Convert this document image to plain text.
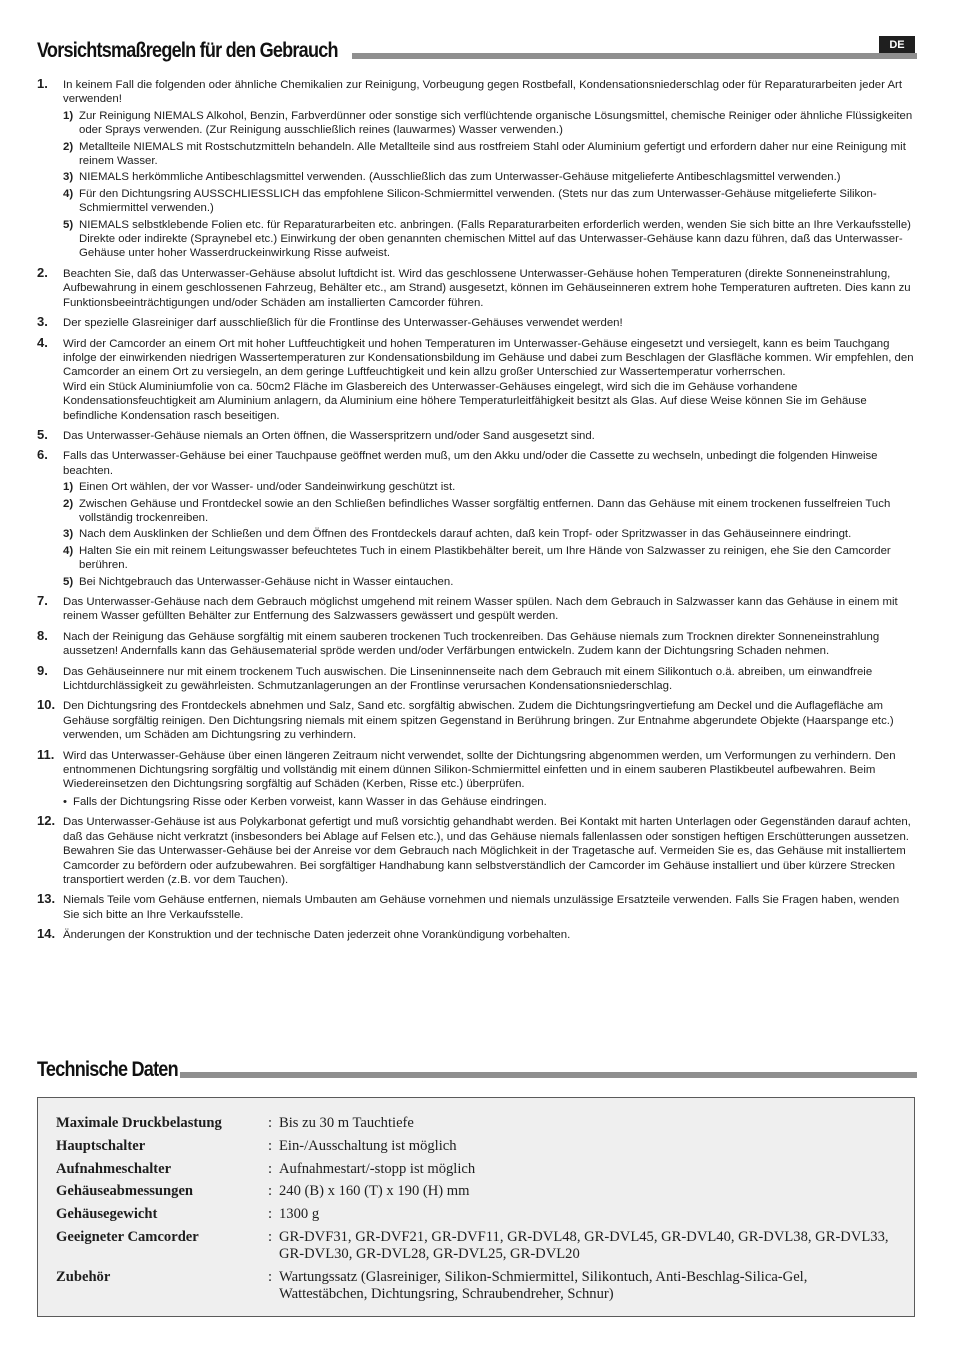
DE
Vorsichtsmaßregeln für den Gebrauch
1. In keinem Fall die folgenden oder ähnliche Chemikalien zur Reinigung, Vorbeugung gegen Rostbefall, Kondensationsniederschlag oder für Reparaturarbeiten jeder Art verwenden!
1) Zur Reinigung NIEMALS Alkohol, Benzin, Farbverdünner oder sonstige sich verflüchtende organische Lösungsmittel, chemische Reiniger oder ähnliche Flüssigkeiten oder Sprays verwenden. (Zur Reinigung ausschließlich reines (lauwarmes) Wasser verwenden.)
2) Metallteile NIEMALS mit Rostschutzmitteln behandeln. Alle Metallteile sind aus rostfreiem Stahl oder Aluminium gefertigt und erfordern daher nur eine Reinigung mit reinem Wasser.
3) NIEMALS herkömmliche Antibeschlagsmittel verwenden. (Ausschließlich das zum Unterwasser-Gehäuse mitgelieferte Antibeschlagsmittel verwenden.)
4) Für den Dichtungsring AUSSCHLIESSLICH das empfohlene Silicon-Schmiermittel verwenden. (Stets nur das zum Unterwasser-Gehäuse mitgelieferte Silikon-Schmiermittel verwenden.)
5) NIEMALS selbstklebende Folien etc. für Reparaturarbeiten etc. anbringen. (Falls Reparaturarbeiten erforderlich werden, wenden Sie sich bitte an Ihre Verkaufsstelle) Direkte oder indirekte (Spraynebel etc.) Einwirkung der oben genannten chemischen Mittel auf das Unterwasser-Gehäuse kann dazu führen, daß das Unterwasser-Gehäuse unter hoher Wasserdruckeinwirkung Risse aufweist.
2. Beachten Sie, daß das Unterwasser-Gehäuse absolut luftdicht ist. Wird das geschlossene Unterwasser-Gehäuse hohen Temperaturen (direkte Sonneneinstrahlung, Aufbewahrung in einem geschlossenen Fahrzeug, Behälter etc., am Strand) ausgesetzt, können im Gehäuseinneren extrem hohe Temperaturen auftreten. Dies kann zu Funktionsbeeinträchtigungen und/oder Schäden am installierten Camcorder führen.
3. Der spezielle Glasreiniger darf ausschließlich für die Frontlinse des Unterwasser-Gehäuses verwendet werden!
4. Wird der Camcorder an einem Ort mit hoher Luftfeuchtigkeit und hohen Temperaturen im Unterwasser-Gehäuse eingesetzt und versiegelt, kann es beim Tauchgang infolge der einwirkenden niedrigen Wassertemperaturen zur Kondensationsbildung im Gehäuse und dabei zum Beschlagen der Glasfläche kommen. Wir empfehlen, den Camcorder an einem Ort zu versiegeln, an dem geringe Luftfeuchtigkeit und kein allzu großer Unterschied zur Wassertemperatur vorherrschen.
Wird ein Stück Aluminiumfolie von ca. 50cm2 Fläche im Glasbereich des Unterwasser-Gehäuses eingelegt, wird sich die im Gehäuse vorhandene Kondensationsfeuchtigkeit am Aluminium anlagern, da Aluminium eine höhere Temperaturleitfähigkeit besitzt als Glas. Auf diese Weise können Sie im Gehäuse befindliche Kondensation rasch beseitigen.
5. Das Unterwasser-Gehäuse niemals an Orten öffnen, die Wasserspritzern und/oder Sand ausgesetzt sind.
6. Falls das Unterwasser-Gehäuse bei einer Tauchpause geöffnet werden muß, um den Akku und/oder die Cassette zu wechseln, unbedingt die folgenden Hinweise beachten.
1) Einen Ort wählen, der vor Wasser- und/oder Sandeinwirkung geschützt ist.
2) Zwischen Gehäuse und Frontdeckel sowie an den Schließen befindliches Wasser sorgfältig entfernen. Dann das Gehäuse mit einem trockenen fusselfreien Tuch vollständig trockenreiben.
3) Nach dem Ausklinken der Schließen und dem Öffnen des Frontdeckels darauf achten, daß kein Tropf- oder Spritzwasser in das Gehäuseinnere eindringt.
4) Halten Sie ein mit reinem Leitungswasser befeuchtetes Tuch in einem Plastikbehälter bereit, um Ihre Hände von Salzwasser zu reinigen, ehe Sie den Camcorder berühren.
5) Bei Nichtgebrauch das Unterwasser-Gehäuse nicht in Wasser eintauchen.
7. Das Unterwasser-Gehäuse nach dem Gebrauch möglichst umgehend mit reinem Wasser spülen. Nach dem Gebrauch in Salzwasser kann das Gehäuse in einem mit reinem Wasser gefüllten Behälter zur Entfernung des Salzwassers gewässert und gespült werden.
8. Nach der Reinigung das Gehäuse sorgfältig mit einem sauberen trockenen Tuch trockenreiben. Das Gehäuse niemals zum Trocknen direkter Sonneneinstrahlung aussetzen! Andernfalls kann das Gehäusematerial spröde werden und/oder Verfärbungen entwickeln. Zudem kann der Dichtungsring Schaden nehmen.
9. Das Gehäuseinnere nur mit einem trockenem Tuch auswischen. Die Linseninnenseite nach dem Gebrauch mit einem Silikontuch o.ä. abreiben, um einwandfreie Lichtdurchlässigkeit zu gewährleisten. Schmutzanlagerungen an der Frontlinse verursachen Kondensationsniederschlag.
10. Den Dichtungsring des Frontdeckels abnehmen und Salz, Sand etc. sorgfältig abwischen. Zudem die Dichtungsringvertiefung am Deckel und die Auflagefläche am Gehäuse sorgfältig reinigen. Den Dichtungsring niemals mit einem spitzen Gegenstand in Berührung bringen. Zur Entnahme abgerundete Objekte (Haarspange etc.) verwenden, um Schäden am Dichtungsring zu verhindern.
11. Wird das Unterwasser-Gehäuse über einen längeren Zeitraum nicht verwendet, sollte der Dichtungsring abgenommen werden, um Verformungen zu verhindern. Den entnommenen Dichtungsring sorgfältig und vollständig mit einem dünnen Silikon-Schmiermittel einfetten und in einem sauberen Plastikbeutel aufbewahren. Beim Wiedereinsetzen den Dichtungsring sorgfältig auf Schäden (Kerben, Risse etc.) überprüfen.
• Falls der Dichtungsring Risse oder Kerben vorweist, kann Wasser in das Gehäuse eindringen.
12. Das Unterwasser-Gehäuse ist aus Polykarbonat gefertigt und muß vorsichtig gehandhabt werden. Bei Kontakt mit harten Unterlagen oder Gegenständen darauf achten, daß das Gehäuse nicht verkratzt (insbesonders bei Ablage auf Felsen etc.), und das Gehäuse niemals fallenlassen oder sonstigen heftigen Erschütterungen aussetzen. Bewahren Sie das Unterwasser-Gehäuse bei der Anreise vor dem Gebrauch nach Möglichkeit in der Tragetasche auf. Vermeiden Sie es, das Gehäuse mit installiertem Camcorder zu befördern oder aufzubewahren. Bei sorgfältiger Handhabung kann selbstverständlich der Camcorder im Gehäuse installiert und über kürzere Strecken transportiert werden (z.B. vor dem Tauchen).
13. Niemals Teile vom Gehäuse entfernen, niemals Umbauten am Gehäuse vornehmen und niemals unzulässige Ersatzteile verwenden. Falls Sie Fragen haben, wenden Sie sich bitte an Ihre Verkaufsstelle.
14. Änderungen der Konstruktion und der technische Daten jederzeit ohne Vorankündigung vorbehalten.
Technische Daten
Maximale Druckbelastung	: Bis zu 30 m Tauchtiefe
Hauptschalter	: Ein-/Ausschaltung ist möglich
Aufnahmeschalter	: Aufnahmestart/-stopp ist möglich
Gehäuseabmessungen	: 240 (B) x 160 (T) x 190 (H) mm
Gehäusegewicht	: 1300 g
Geeigneter Camcorder	: GR-DVF31, GR-DVF21, GR-DVF11, GR-DVL48, GR-DVL45, GR-DVL40, GR-DVL38, GR-DVL33, GR-DVL30, GR-DVL28, GR-DVL25, GR-DVL20
Zubehör	: Wartungssatz (Glasreiniger, Silikon-Schmiermittel, Silikontuch, Anti-Beschlag-Silica-Gel, Wattestäbchen, Dichtungsring, Schraubendreher, Schnur)
